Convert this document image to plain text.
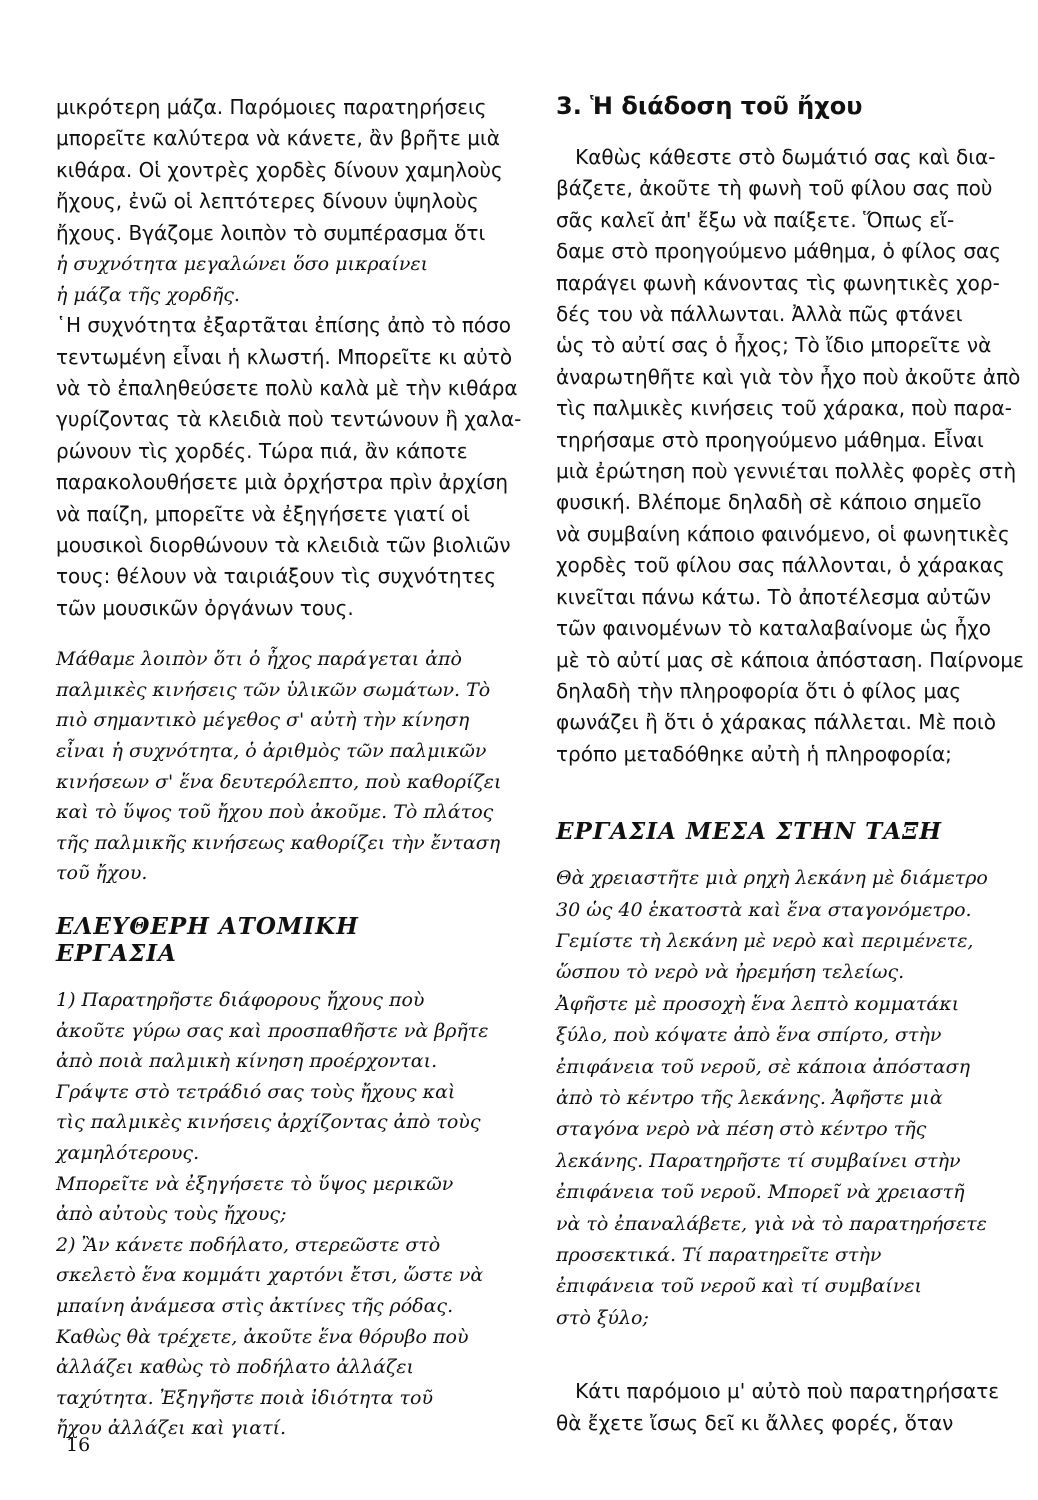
μικρότερη μάζα. Παρόμοιες παρατηρήσεις
μπορεῖτε καλύτερα νὰ κάνετε, ἂν βρῆτε μιὰ
κιθάρα. Οἱ χοντρὲς χορδὲς δίνουν χαμηλοὺς
ἤχους, ἐνῶ οἱ λεπτότερες δίνουν ὑψηλοὺς
ἤχους. Βγάζομε λοιπὸν τὸ συμπέρασμα ὅτι

ἡ συχνότητα μεγαλώνει ὅσο μικραίνει
ἡ μάζα τῆς χορδῆς.

῾Η συχνότητα ἐξαρτᾶται ἐπίσης ἀπὸ τὸ πόσο
τεντωμένη εἶναι ἡ κλωστή. Μπορεῖτε κι αὐτὸ
νὰ τὸ ἐπαληθεύσετε πολὺ καλὰ μὲ τὴν κιθάρα
γυρίζοντας τὰ κλειδιὰ ποὺ τεντώνουν ἢ χαλα-
ρώνουν τὶς χορδές. Τώρα πιά, ἂν κάποτε
παρακολουθήσετε μιὰ ὀρχήστρα πρὶν ἀρχίση
νὰ παίζη, μπορεῖτε νὰ ἐξηγήσετε γιατί οἱ
μουσικοὶ διορθώνουν τὰ κλειδιὰ τῶν βιολιῶν
τους: θέλουν νὰ ταιριάξουν τὶς συχνότητες
τῶν μουσικῶν ὀργάνων τους.

Μάθαμε λοιπὸν ὅτι ὁ ἦχος παράγεται ἀπὸ
παλμικὲς κινήσεις τῶν ὑλικῶν σωμάτων. Τὸ
πιὸ σημαντικὸ μέγεθος σ' αὐτὴ τὴν κίνηση
εἶναι ἡ συχνότητα, ὁ ἀριθμὸς τῶν παλμικῶν
κινήσεων σ' ἕνα δευτερόλεπτο, ποὺ καθορίζει
καὶ τὸ ὕψος τοῦ ἤχου ποὺ ἀκοῦμε. Τὸ πλάτος
τῆς παλμικῆς κινήσεως καθορίζει τὴν ἔνταση
τοῦ ἤχου.

ΕΛΕΥΘΕΡΗ ΑΤΟΜΙΚΗ ΕΡΓΑΣΙΑ

1) Παρατηρῆστε διάφορους ἤχους ποὺ
ἀκοῦτε γύρω σας καὶ προσπαθῆστε νὰ βρῆτε
ἀπὸ ποιὰ παλμικὴ κίνηση προέρχονται.
Γράψτε στὸ τετράδιό σας τοὺς ἤχους καὶ
τὶς παλμικὲς κινήσεις ἀρχίζοντας ἀπὸ τοὺς
χαμηλότερους.
Μπορεῖτε νὰ ἐξηγήσετε τὸ ὕψος μερικῶν
ἀπὸ αὐτοὺς τοὺς ἤχους;
2) Ἂν κάνετε ποδήλατο, στερεῶστε στὸ
σκελετὸ ἕνα κομμάτι χαρτόνι ἔτσι, ὥστε νὰ
μπαίνη ἀνάμεσα στὶς ἀκτίνες τῆς ρόδας.
Καθὼς θὰ τρέχετε, ἀκοῦτε ἕνα θόρυβο ποὺ
ἀλλάζει καθὼς τὸ ποδήλατο ἀλλάζει
ταχύτητα. Ἐξηγῆστε ποιὰ ἰδιότητα τοῦ
ἤχου ἀλλάζει καὶ γιατί.

3. Ἡ διάδοση τοῦ ἤχου

Καθὼς κάθεστε στὸ δωμάτιό σας καὶ δια-
βάζετε, ἀκοῦτε τὴ φωνὴ τοῦ φίλου σας ποὺ
σᾶς καλεῖ ἀπ' ἔξω νὰ παίξετε. Ὅπως εἴ-
δαμε στὸ προηγούμενο μάθημα, ὁ φίλος σας
παράγει φωνὴ κάνοντας τὶς φωνητικὲς χορ-
δές του νὰ πάλλωνται. Ἀλλὰ πῶς φτάνει
ὡς τὸ αὐτί σας ὁ ἦχος; Τὸ ἴδιο μπορεῖτε νὰ
ἀναρωτηθῆτε καὶ γιὰ τὸν ἦχο ποὺ ἀκοῦτε ἀπὸ
τὶς παλμικὲς κινήσεις τοῦ χάρακα, ποὺ παρα-
τηρήσαμε στὸ προηγούμενο μάθημα. Εἶναι
μιὰ ἐρώτηση ποὺ γεννιέται πολλὲς φορὲς στὴ
φυσική. Βλέπομε δηλαδὴ σὲ κάποιο σημεῖο
νὰ συμβαίνη κάποιο φαινόμενο, οἱ φωνητικὲς
χορδὲς τοῦ φίλου σας πάλλονται, ὁ χάρακας
κινεῖται πάνω κάτω. Τὸ ἀποτέλεσμα αὐτῶν
τῶν φαινομένων τὸ καταλαβαίνομε ὡς ἦχο
μὲ τὸ αὐτί μας σὲ κάποια ἀπόσταση. Παίρνομε
δηλαδὴ τὴν πληροφορία ὅτι ὁ φίλος μας
φωνάζει ἢ ὅτι ὁ χάρακας πάλλεται. Μὲ ποιὸ
τρόπο μεταδόθηκε αὐτὴ ἡ πληροφορία;

ΕΡΓΑΣΙΑ ΜΕΣΑ ΣΤΗΝ ΤΑΞΗ

Θὰ χρειαστῆτε μιὰ ρηχὴ λεκάνη μὲ διάμετρο
30 ὡς 40 ἑκατοστὰ καὶ ἕνα σταγονόμετρο.
Γεμίστε τὴ λεκάνη μὲ νερὸ καὶ περιμένετε,
ὥσπου τὸ νερὸ νὰ ἠρεμήση τελείως.
Ἀφῆστε μὲ προσοχὴ ἕνα λεπτὸ κομματάκι
ξύλο, ποὺ κόψατε ἀπὸ ἕνα σπίρτο, στὴν
ἐπιφάνεια τοῦ νεροῦ, σὲ κάποια ἀπόσταση
ἀπὸ τὸ κέντρο τῆς λεκάνης. Ἀφῆστε μιὰ
σταγόνα νερὸ νὰ πέση στὸ κέντρο τῆς
λεκάνης. Παρατηρῆστε τί συμβαίνει στὴν
ἐπιφάνεια τοῦ νεροῦ. Μπορεῖ νὰ χρειαστῆ
νὰ τὸ ἐπαναλάβετε, γιὰ νὰ τὸ παρατηρήσετε
προσεκτικά. Τί παρατηρεῖτε στὴν
ἐπιφάνεια τοῦ νεροῦ καὶ τί συμβαίνει
στὸ ξύλο;

Κάτι παρόμοιο μ' αὐτὸ ποὺ παρατηρήσατε
θὰ ἔχετε ἴσως δεῖ κι ἄλλες φορές, ὅταν

16
